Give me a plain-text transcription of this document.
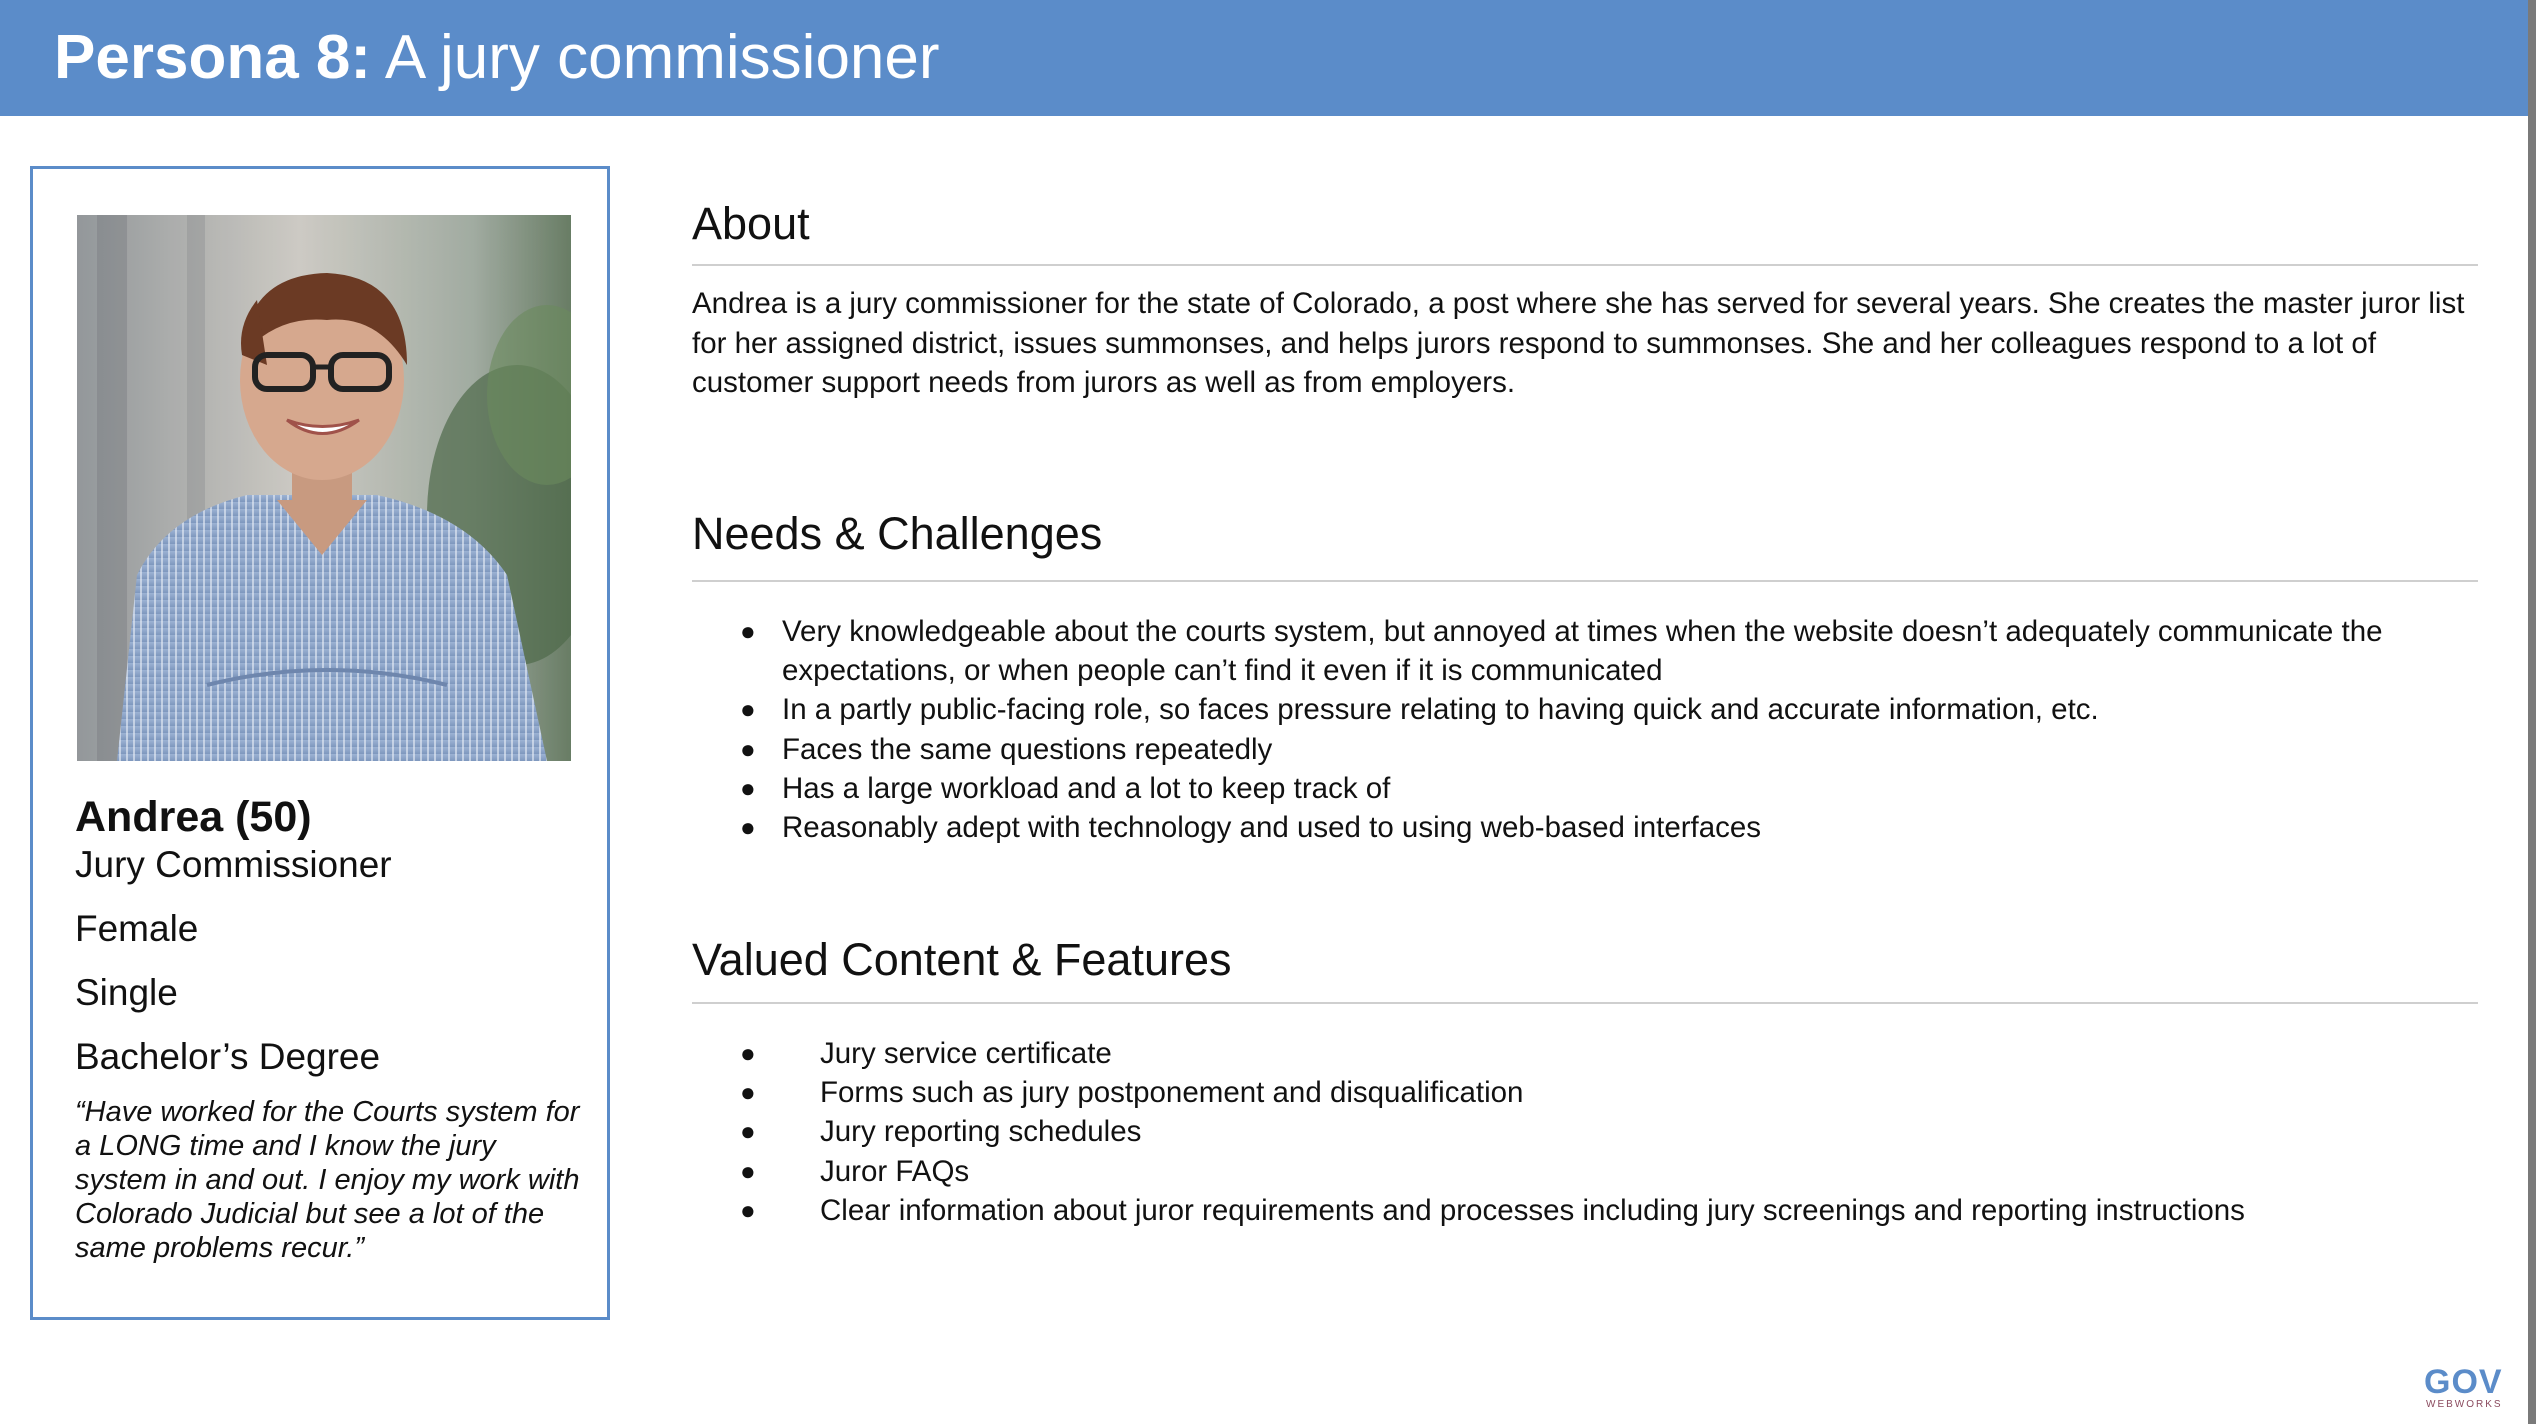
Persona 8: A jury commissioner

Andrea (50)

Jury Commissioner

Female

Single

Bachelor’s Degree

“Have worked for the Courts system for a LONG time and I know the jury system in and out. I enjoy my work with Colorado Judicial but see a lot of the same problems recur.”

About

Andrea is a jury commissioner for the state of Colorado, a post where she has served for several years. She creates the master juror list for her assigned district, issues summonses, and helps jurors respond to summonses. She and her colleagues respond to a lot of customer support needs from jurors as well as from employers.

Needs & Challenges
● Very knowledgeable about the courts system, but annoyed at times when the website doesn’t adequately communicate the expectations, or when people can’t find it even if it is communicated
● In a partly public-facing role, so faces pressure relating to having quick and accurate information, etc.
● Faces the same questions repeatedly
● Has a large workload and a lot to keep track of
● Reasonably adept with technology and used to using web-based interfaces
Valued Content & Features
● Jury service certificate
● Forms such as jury postponement and disqualification
● Jury reporting schedules
● Juror FAQs
● Clear information about juror requirements and processes including jury screenings and reporting instructions
GOV
WEBWORKS
